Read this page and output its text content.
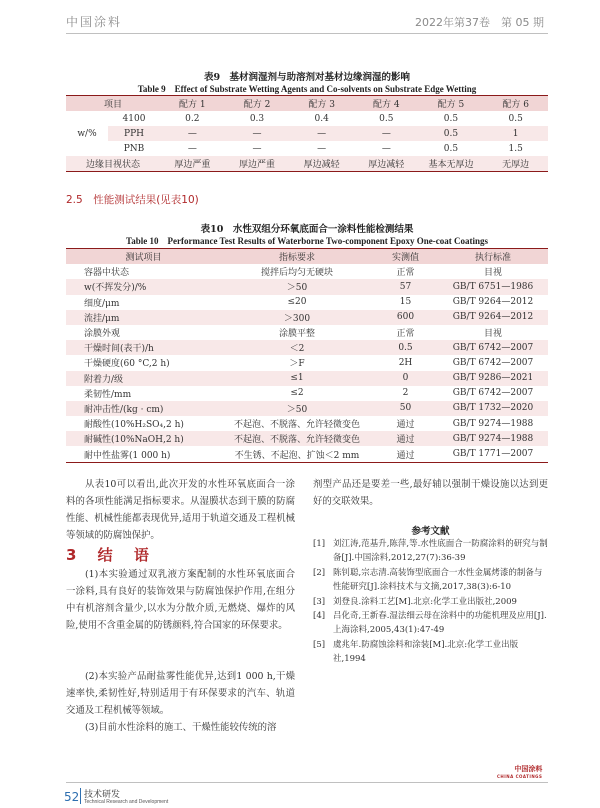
中国涂料	2022年第37卷　第 05 期
表9　基材润湿剂与助溶剂对基材边缘润湿的影响
Table 9　Effect of Substrate Wetting Agents and Co-solvents on Substrate Edge Wetting
项目		配方 1	配方 2	配方 3	配方 4	配方 5	配方 6
w/%	4100	0.2	0.3	0.4	0.5	0.5	0.5
	PPH	—	—	—	—	0.5	1
	PNB	—	—	—	—	0.5	1.5
边缘目视状态		厚边严重	厚边严重	厚边减轻	厚边减轻	基本无厚边	无厚边
2.5　性能测试结果(见表10)
表10　水性双组分环氧底面合一涂料性能检测结果
Table 10　Performance Test Results of Waterborne Two-component Epoxy One-coat Coatings
测试项目	指标要求	实测值	执行标准
容器中状态	搅拌后均匀无硬块	正常	目视
w(不挥发分)/%	＞50	57	GB/T 6751—1986
细度/μm	≤20	15	GB/T 9264—2012
流挂/μm	＞300	600	GB/T 9264—2012
涂膜外观	涂膜平整	正常	目视
干燥时间(表干)/h	＜2	0.5	GB/T 6742—2007
干燥硬度(60 °C,2 h)	＞F	2H	GB/T 6742—2007
附着力/级	≤1	0	GB/T 9286—2021
柔韧性/mm	≤2	2	GB/T 6742—2007
耐冲击性/(kg · cm)	＞50	50	GB/T 1732—2020
耐酸性(10%H₂SO₄,2 h)	不起泡、不脱落、允许轻微变色	通过	GB/T 9274—1988
耐碱性(10%NaOH,2 h)	不起泡、不脱落、允许轻微变色	通过	GB/T 9274—1988
耐中性盐雾(1 000 h)	不生锈、不起泡、扩蚀＜2 mm	通过	GB/T 1771—2007
从表10可以看出,此次开发的水性环氧底面合一涂料的各项性能满足指标要求。从湿膜状态到干膜的防腐性能、机械性能都表现优异,适用于轨道交通及工程机械等领域的防腐蚀保护。
3 结 语
(1)本实验通过双乳液方案配制的水性环氧底面合一涂料,具有良好的装饰效果与防腐蚀保护作用,在组分中有机溶剂含量少,以水为分散介质,无燃烧、爆炸的风险,使用不含重金属的防锈颜料,符合国家的环保要求。
(2)本实验产品耐盐雾性能优异,达到1 000 h,干燥速率快,柔韧性好,特别适用于有环保要求的汽车、轨道交通及工程机械等领域。
(3)目前水性涂料的施工、干燥性能较传统的溶
剂型产品还是要差一些,最好辅以强制干燥设施以达到更好的交联效果。
参考文献
[1] 刘江涛,范基升,陈萍,等.水性底面合一防腐涂料的研究与制备[J].中国涂料,2012,27(7):36-39
[2] 陈钊聪,宗志清.高装饰型底面合一水性金属烤漆的制备与性能研究[J].涂料技术与文摘,2017,38(3):6-10
[3] 刘登良.涂料工艺[M].北京:化学工业出版社,2009
[4] 吕化奇,王新春.湿法细云母在涂料中的功能机理及应用[J].上海涂料,2005,43(1):47-49
[5] 虞兆年.防腐蚀涂料和涂装[M].北京:化学工业出版社,1994
中国涂料
CHINA COATINGS
52 技术研发
Technical Research and Development
